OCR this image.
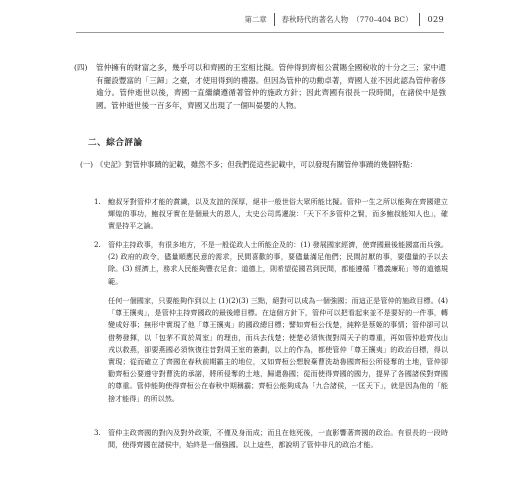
第二章 春秋時代的著名人物 （770–404 BC） 029
(四) 管仲擁有的財富之多，幾乎可以和齊國的王室相比擬。管仲得到齊桓公賞賜全國稅收的十分之三；家中還有擺設豐富的「三歸」之臺，才使用得到的禮器。但因為管仲的功勳卓著，齊國人並不因此認為管仲奢侈逾分。管仲逝世以後，齊國一直繼續遵循著管仲的施政方針；因此齊國有很長一段時間，在諸侯中是強國。管仲逝世後一百多年，齊國又出現了一個叫晏嬰的人物。
二、綜合評論
(一) 《史記》對管仲事蹟的記載，雖然不多；但我們從這些記載中，可以發現有關管仲事蹟的幾個特點：
1. 鮑叔牙對管仲才能的賞識，以及友誼的深厚，絕非一般世俗大眾所能比擬。管仲一生之所以能夠在齊國建立輝煌的事功，鮑叔牙實在是個最大的恩人，太史公司馬遷說：「天下不多管仲之賢，而多鮑叔能知人也」，確實是持平之論。
2. 管仲主持政事，有很多地方，不是一般從政人士所能企及的：(1) 發展國家經濟，使齊國最後能國富而兵強。(2) 政府的政令，儘量順應民意的需求，民間喜歡的事，要儘量滿足他們；民間討厭的事，要儘量的予以去除。(3) 經濟上，務求人民能夠豐衣足食；道德上，則希望從國君到民間，都能遵循「禮義廉恥」等的道德規範。
任何一個國家，只要能夠作到以上 (1)(2)(3) 三點，絕對可以成為一個強國；而這正是管仲的施政目標。(4)「尊王攘夷」，是管仲主持齊國政的最後總目標。在這個方針下，管仲可以把看起來並不是要好的一件事，轉變成好事；無形中實現了他「尊王攘夷」的國政總目標；譬如齊桓公伐楚，純粹是蔡姬的事情；管仲卻可以借勢發揮，以「包茅不貢於周室」的理由，而兵去伐楚；使楚必須恢復對周天子的尊重，再如管仲趁齊伐山戎以救燕，卻要燕國必須恢復往昔對周王室的簽劃，以上的作為，都使管仲「尊王攘夷」的政治目標，得以實現；從而確立了齊國在春秋前期霸主的地位，又如齊桓公想脫棄曹洗劫魯國齊桓公所侵奪的土地，管仲卻勸齊桓公要遵守對曹洗的承諾，將所侵奪的土地，歸還魯國；從而使得齊國的國力，提昇了各國諸侯對齊國的尊重。管仲能夠使得齊桓公在春秋中期稱霸；齊桓公能夠成為「九合諸侯，一匡天下」，就是因為他的「能捨才能得」的所以然。
3. 管仲主政齊國的對內及對外政策，不僅及身而成；而且在他死後，一直影響著齊國的政治。有很長的一段時間，使得齊國在諸侯中，始終是一個強國。以上這些，都說明了管仲非凡的政治才能。
